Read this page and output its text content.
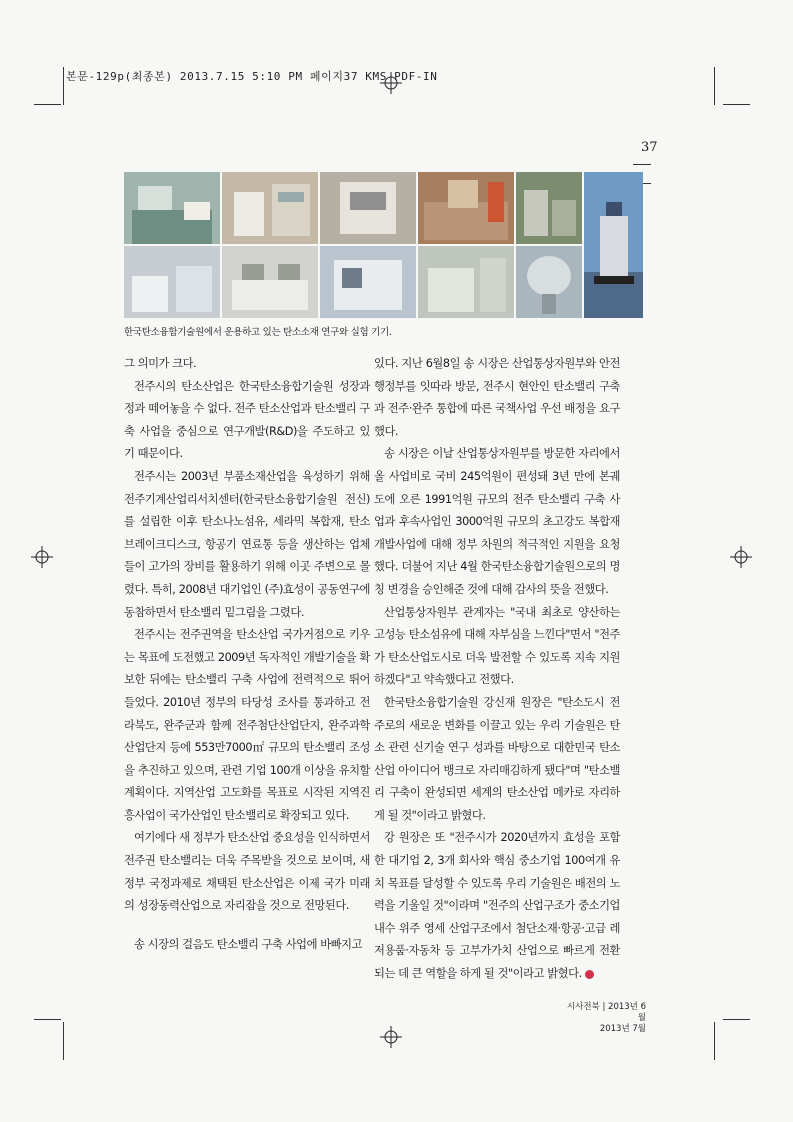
본문-129p(최종본) 2013.7.15 5:10 PM 페이지37 KMS PDF-IN
37
한국탄소융합기술원에서 운용하고 있는 탄소소재 연구와 실험 기기.

그 의미가 크다.

전주시의 탄소산업은 한국탄소융합기술원 성장과정과 떼어놓을 수 없다. 전주 탄소산업과 탄소밸리 구축 사업을 중심으로 연구개발(R&D)을 주도하고 있기 때문이다.

전주시는 2003년 부품소재산업을 육성하기 위해 전주기계산업리서치센터(한국탄소융합기술원 전신)를 설립한 이후 탄소나노섬유, 세라믹 복합재, 탄소 브레이크디스크, 항공기 연료통 등을 생산하는 업체들이 고가의 장비를 활용하기 위해 이곳 주변으로 몰렸다. 특히, 2008년 대기업인 (주)효성이 공동연구에 동참하면서 탄소밸리 밑그림을 그렸다.

전주시는 전주권역을 탄소산업 국가거점으로 키우는 목표에 도전했고 2009년 독자적인 개발기술을 확보한 뒤에는 탄소밸리 구축 사업에 전력적으로 뛰어들었다. 2010년 정부의 타당성 조사를 통과하고 전라북도, 완주군과 함께 전주첨단산업단지, 완주과학산업단지 등에 553만7000㎡ 규모의 탄소밸리 조성을 추진하고 있으며, 관련 기업 100개 이상을 유치할 계획이다. 지역산업 고도화를 목표로 시작된 지역진흥사업이 국가산업인 탄소밸리로 확장되고 있다.

여기에다 새 정부가 탄소산업 중요성을 인식하면서 전주권 탄소밸리는 더욱 주목받을 것으로 보이며, 새 정부 국정과제로 채택된 탄소산업은 이제 국가 미래의 성장동력산업으로 자리잡을 것으로 전망된다.

송 시장의 걸음도 탄소밸리 구축 사업에 바빠지고

있다. 지난 6월8일 송 시장은 산업통상자원부와 안전행정부를 잇따라 방문, 전주시 현안인 탄소밸리 구축과 전주·완주 통합에 따른 국책사업 우선 배정을 요구했다.

송 시장은 이날 산업통상자원부를 방문한 자리에서 올 사업비로 국비 245억원이 편성돼 3년 만에 본궤도에 오른 1991억원 규모의 전주 탄소밸리 구축 사업과 후속사업인 3000억원 규모의 초고강도 복합재 개발사업에 대해 정부 차원의 적극적인 지원을 요청했다. 더불어 지난 4월 한국탄소융합기술원으로의 명칭 변경을 승인해준 것에 대해 감사의 뜻을 전했다.

산업통상자원부 관계자는 "국내 최초로 양산하는 고성능 탄소섬유에 대해 자부심을 느낀다"면서 "전주가 탄소산업도시로 더욱 발전할 수 있도록 지속 지원하겠다"고 약속했다고 전했다.

한국탄소융합기술원 강신재 원장은 "탄소도시 전주로의 새로운 변화를 이끌고 있는 우리 기술원은 탄소 관련 신기술 연구 성과를 바탕으로 대한민국 탄소산업 아이디어 뱅크로 자리매김하게 됐다"며 "탄소밸리 구축이 완성되면 세계의 탄소산업 메카로 자리하게 될 것"이라고 밝혔다.

강 원장은 또 "전주시가 2020년까지 효성을 포함한 대기업 2, 3개 회사와 핵심 중소기업 100여개 유치 목표를 달성할 수 있도록 우리 기술원은 배전의 노력을 기울일 것"이라며 "전주의 산업구조가 중소기업 내수 위주 영세 산업구조에서 첨단소재·항공·고급 레저용품·자동차 등 고부가가치 산업으로 빠르게 전환되는 데 큰 역할을 하게 될 것"이라고 밝혔다. s

시사전북 | 2013년 6월
2013년 7월
